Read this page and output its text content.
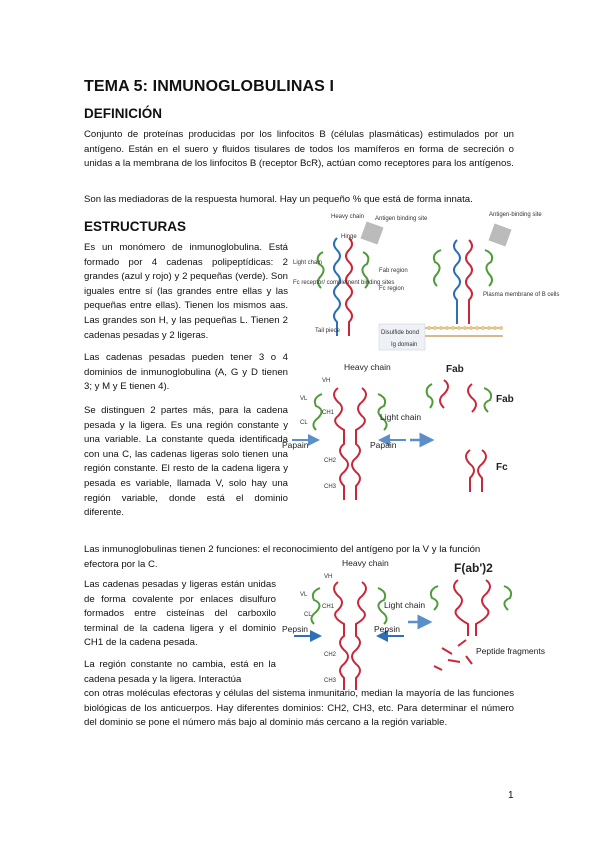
TEMA 5: INMUNOGLOBULINAS I
DEFINICIÓN

Conjunto de proteínas producidas por los linfocitos B (células plasmáticas) estimulados por un antígeno. Están en el suero y fluidos tisulares de todos los mamíferos en forma de secreción o unidas a la membrana de los linfocitos B (receptor BcR), actúan como receptores para los antígenos.

Son las mediadoras de la respuesta humoral. Hay un pequeño % que está de forma innata.

ESTRUCTURAS

Es un monómero de inmunoglobulina. Está formado por 4 cadenas polipeptídicas: 2 grandes (azul y rojo) y 2 pequeñas (verde). Son iguales entre sí (las grandes entre ellas y las pequeñas entre ellas). Tienen los mismos aas. Las grandes son H, y las pequeñas L. Tienen 2 cadenas pesadas y 2 ligeras.

Las cadenas pesadas pueden tener 3 o 4 dominios de inmunoglobulina (A, G y D tienen 3; y M y E tienen 4).

Se distinguen 2 partes más, para la cadena pesada y la ligera. Es una región constante y una variable. La constante queda identificada con una C, las cadenas ligeras solo tienen una región constante. El resto de la cadena ligera y pesada es variable, llamada V, solo hay una región variable, donde está el dominio diferente.

Las inmunoglobulinas tienen 2 funciones: el reconocimiento del antígeno por la V y la función efectora por la C.

Las cadenas pesadas y ligeras están unidas de forma covalente por enlaces disulfuro formados entre cisteínas del carboxilo terminal de la cadena ligera y el dominio CH1 de la cadena pesada.

La región constante no cambia, está en la cadena pesada y la ligera. Interactúa

con otras moléculas efectoras y células del sistema inmunitario, median la mayoría de las funciones biológicas de los anticuerpos. Hay diferentes dominios: CH2, CH3, etc. Para determinar el número del dominio se pone el número más bajo al dominio más cercano a la región variable.

Disulfide bond
Ig domain
Heavy chain Antigen binding site
Hinge
Light chain
Fab region
Fc region
Fc receptor/ complement binding sites
Tail piece
Antigen-binding site
Plasma membrane of B cells
Heavy chain
Light chain
Papain	Papain
Fab
Fab
Fc
VL
VH
CL
CH1
CH2
CH3
Heavy chain
Light chain
Pepsin	Pepsin
F(ab')2
Peptide fragments
VL
VH
CL
CH1
CH2
CH3
1
